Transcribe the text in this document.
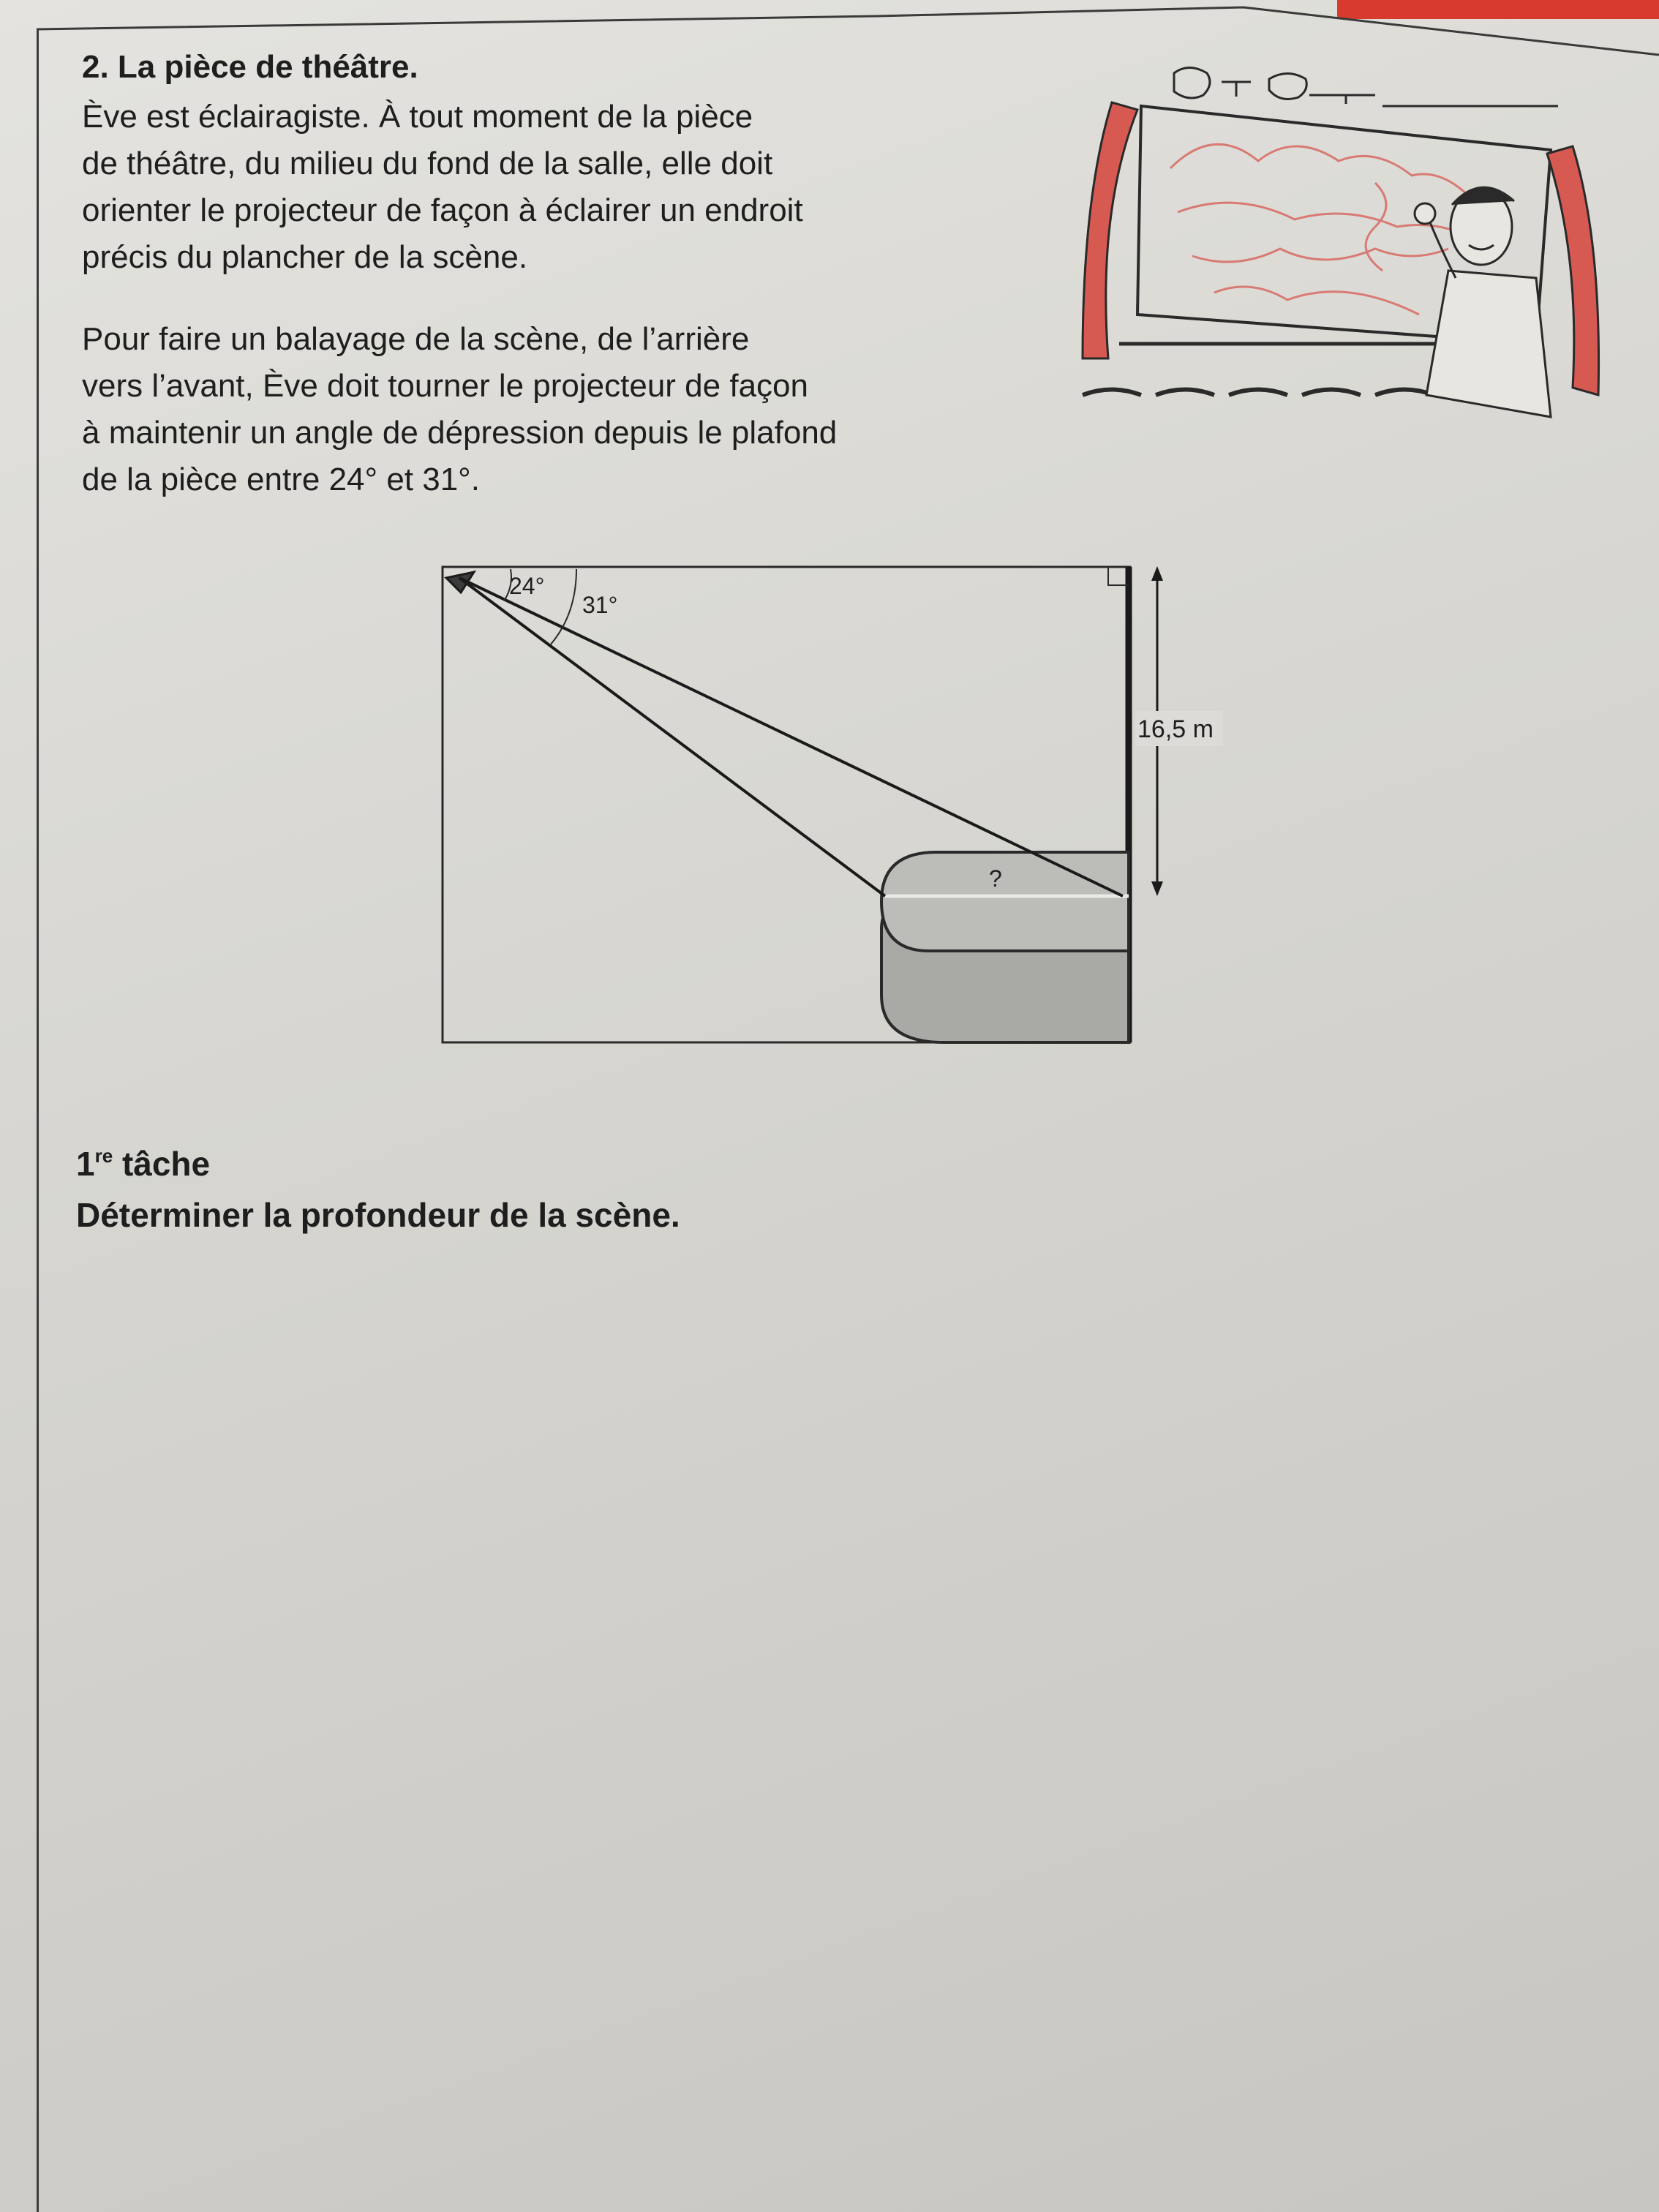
2. La pièce de théâtre.

Ève est éclairagiste. À tout moment de la pièce

de théâtre, du milieu du fond de la salle, elle doit

orienter le projecteur de façon à éclairer un endroit

précis du plancher de la scène.

Pour faire un balayage de la scène, de l’arrière

vers l’avant, Ève doit tourner le projecteur de façon

à maintenir un angle de dépression depuis le plafond

de la pièce entre 24° et 31°.

24°
31°
?
16,5 m
1re tâche
Déterminer la profondeur de la scène.
